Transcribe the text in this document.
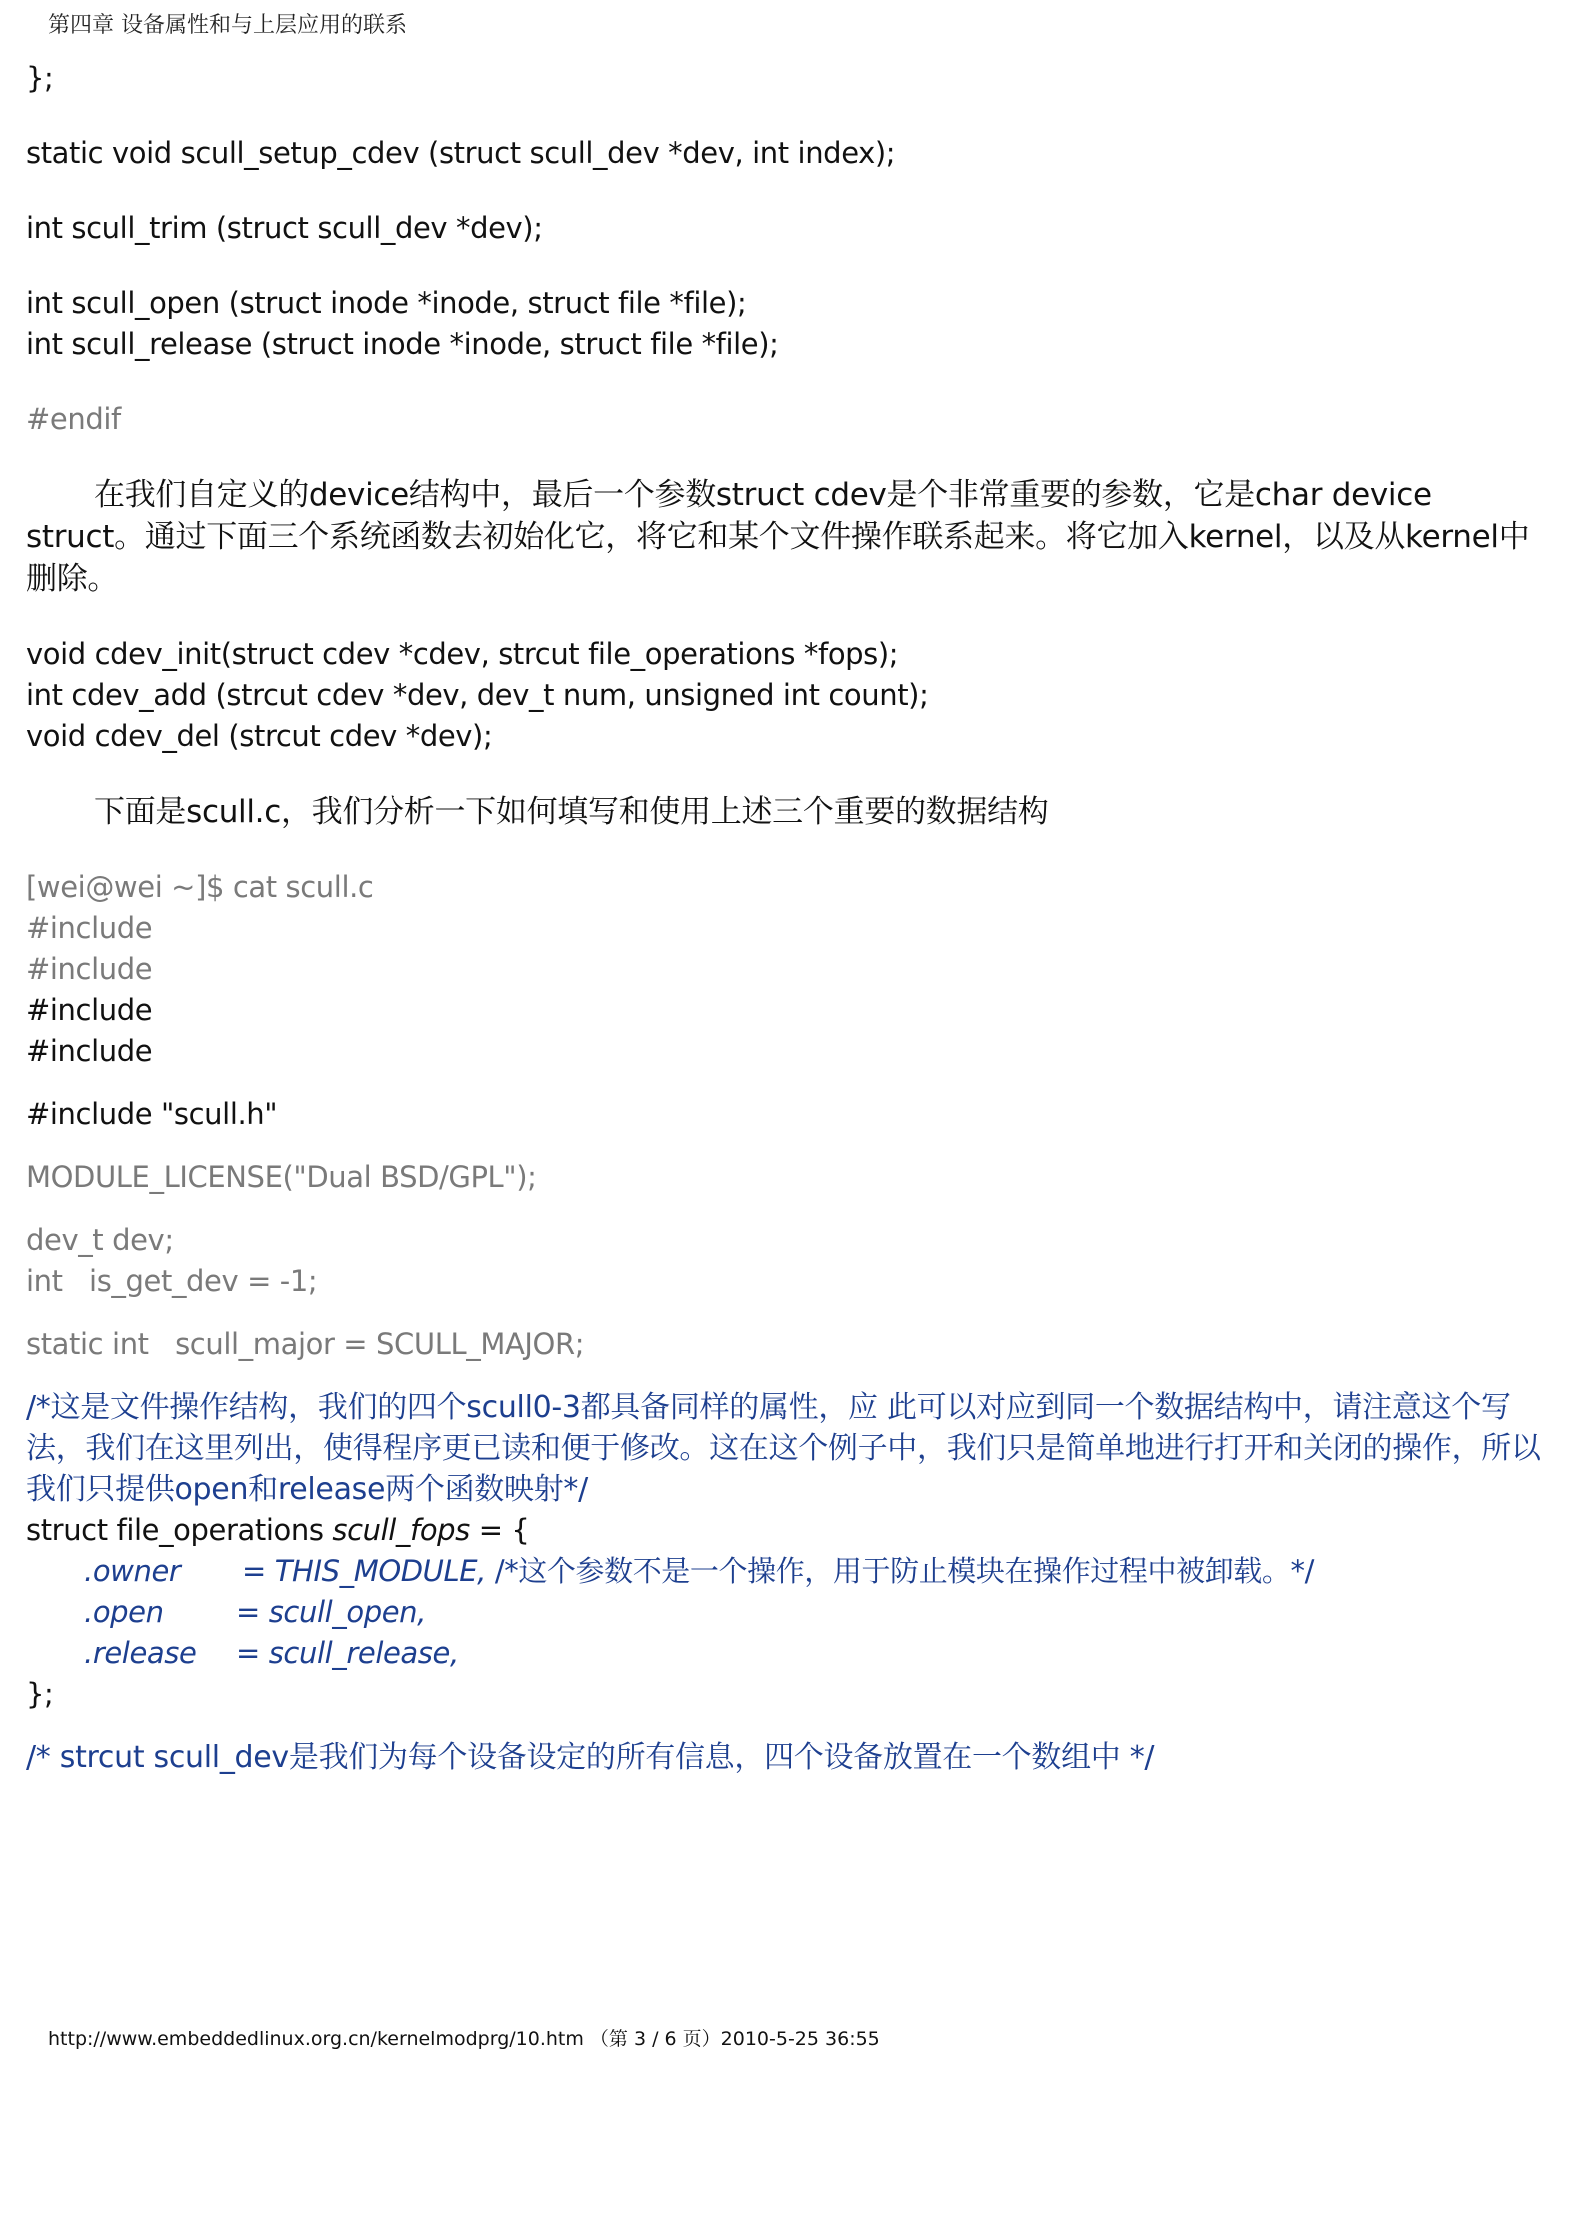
第四章 设备属性和与上层应用的联系

};

static void scull_setup_cdev (struct scull_dev *dev, int index);

int scull_trim (struct scull_dev *dev);

int scull_open (struct inode *inode, struct file *file);

int scull_release (struct inode *inode, struct file *file);

#endif

在我们自定义的device结构中，最后一个参数struct cdev是个非常重要的参数，它是char device struct。通过下面三个系统函数去初始化它，将它和某个文件操作联系起来。将它加入kernel，以及从kernel中删除。

void cdev_init(struct cdev *cdev, strcut file_operations *fops);

int cdev_add (strcut cdev *dev, dev_t num, unsigned int count);

void cdev_del (strcut cdev *dev);

下面是scull.c，我们分析一下如何填写和使用上述三个重要的数据结构

[wei@wei ~]$ cat scull.c

#include

#include

#include

#include

#include "scull.h"

MODULE_LICENSE("Dual BSD/GPL");

dev_t dev;

int   is_get_dev = -1;

static int   scull_major = SCULL_MAJOR;

/*这是文件操作结构，我们的四个scull0-3都具备同样的属性，应 此可以对应到同一个数据结构中，请注意这个写法，我们在这里列出，使得程序更已读和便于修改。这在这个例子中，我们只是简单地进行打开和关闭的操作，所以 我们只提供open和release两个函数映射*/

struct file_operations scull_fops = {

.owner = THIS_MODULE, /*这个参数不是一个操作，用于防止模块在操作过程中被卸载。*/

.open = scull_open,

.release = scull_release,

};

/* strcut scull_dev是我们为每个设备设定的所有信息，四个设备放置在一个数组中 */

http://www.embeddedlinux.org.cn/kernelmodprg/10.htm （第 3 / 6 页）2010-5-25 36:55
